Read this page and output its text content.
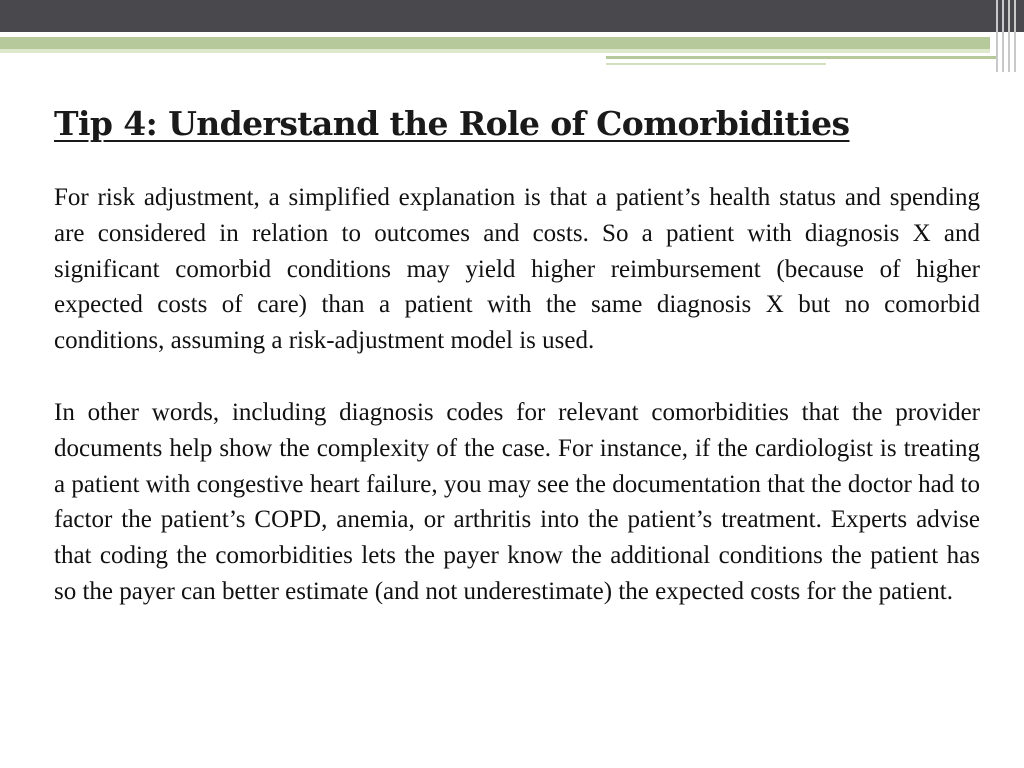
Tip 4: Understand the Role of Comorbidities

For risk adjustment, a simplified explanation is that a patient’s health status and spending are considered in relation to outcomes and costs. So a patient with diagnosis X and significant comorbid conditions may yield higher reimbursement (because of higher expected costs of care) than a patient with the same diagnosis X but no comorbid conditions, assuming a risk-adjustment model is used.

In other words, including diagnosis codes for relevant comorbidities that the provider documents help show the complexity of the case. For instance, if the cardiologist is treating a patient with congestive heart failure, you may see the documentation that the doctor had to factor the patient’s COPD, anemia, or arthritis into the patient’s treatment. Experts advise that coding the comorbidities lets the payer know the additional conditions the patient has so the payer can better estimate (and not underestimate) the expected costs for the patient.
